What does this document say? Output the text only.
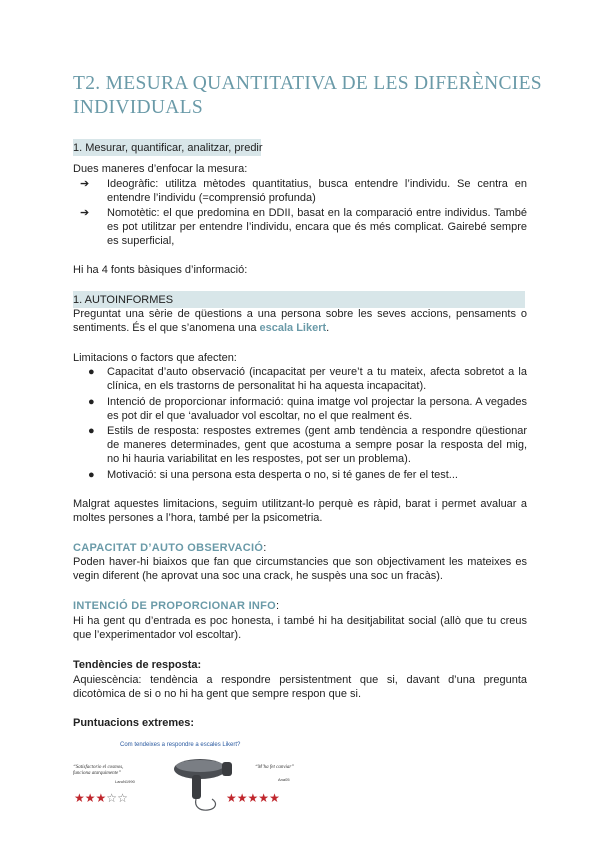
T2. MESURA QUANTITATIVA DE LES DIFERÈNCIES INDIVIDUALS
1. Mesurar, quantificar, analitzar, predir

Dues maneres d’enfocar la mesura:

➔ Ideogràfic: utilitza mètodes quantitatius, busca entendre l’individu. Se centra en entendre l’individu (=comprensió profunda)
➔ Nomotètic: el que predomina en DDII, basat en la comparació entre individus. També es pot utilitzar per entendre l’individu, encara que és més complicat. Gairebé sempre es superficial,

Hi ha 4 fonts bàsiques d’informació:

1. AUTOINFORMES

Preguntat una sèrie de qüestions a una persona sobre les seves accions, pensaments o sentiments. És el que s’anomena una escala Likert.

Limitacions o factors que afecten:

● Capacitat d’auto observació (incapacitat per veure’t a tu mateix, afecta sobretot a la clínica, en els trastorns de personalitat hi ha aquesta incapacitat).
● Intenció de proporcionar informació: quina imatge vol projectar la persona. A vegades es pot dir el que ‘avaluador vol escoltar, no el que realment és.
● Estils de resposta: respostes extremes (gent amb tendència a respondre qüestionar de maneres determinades, gent que acostuma a sempre posar la resposta del mig, no hi hauria variabilitat en les respostes, pot ser un problema).
● Motivació: si una persona esta desperta o no, si té ganes de fer el test...

Malgrat aquestes limitacions, seguim utilitzant-lo perquè es ràpid, barat i permet avaluar a moltes persones a l’hora, també per la psicometria.

CAPACITAT D’AUTO OBSERVACIÓ:

Poden haver-hi biaixos que fan que circumstancies que son objectivament les mateixes es vegin diferent (he aprovat una soc una crack, he suspès una soc un fracàs).

INTENCIÓ DE PROPORCIONAR INFO:

Hi ha gent qu d’entrada es poc honesta, i també hi ha desitjabilitat social (allò que tu creus que l’experimentador vol escoltar).

Tendències de resposta:

Aquiescència: tendència a respondre persistentment que si, davant d’una pregunta dicotòmica de si o no hi ha gent que sempre respon que si.

Puntuacions extremes:
Com tendeixes a respondre a escales Likert?
“Satisfactorio el cosmos, funciona atarquimente”
LaruN1990
“M’ha fet canviar”
Ana05
★★★☆☆	★★★★★
